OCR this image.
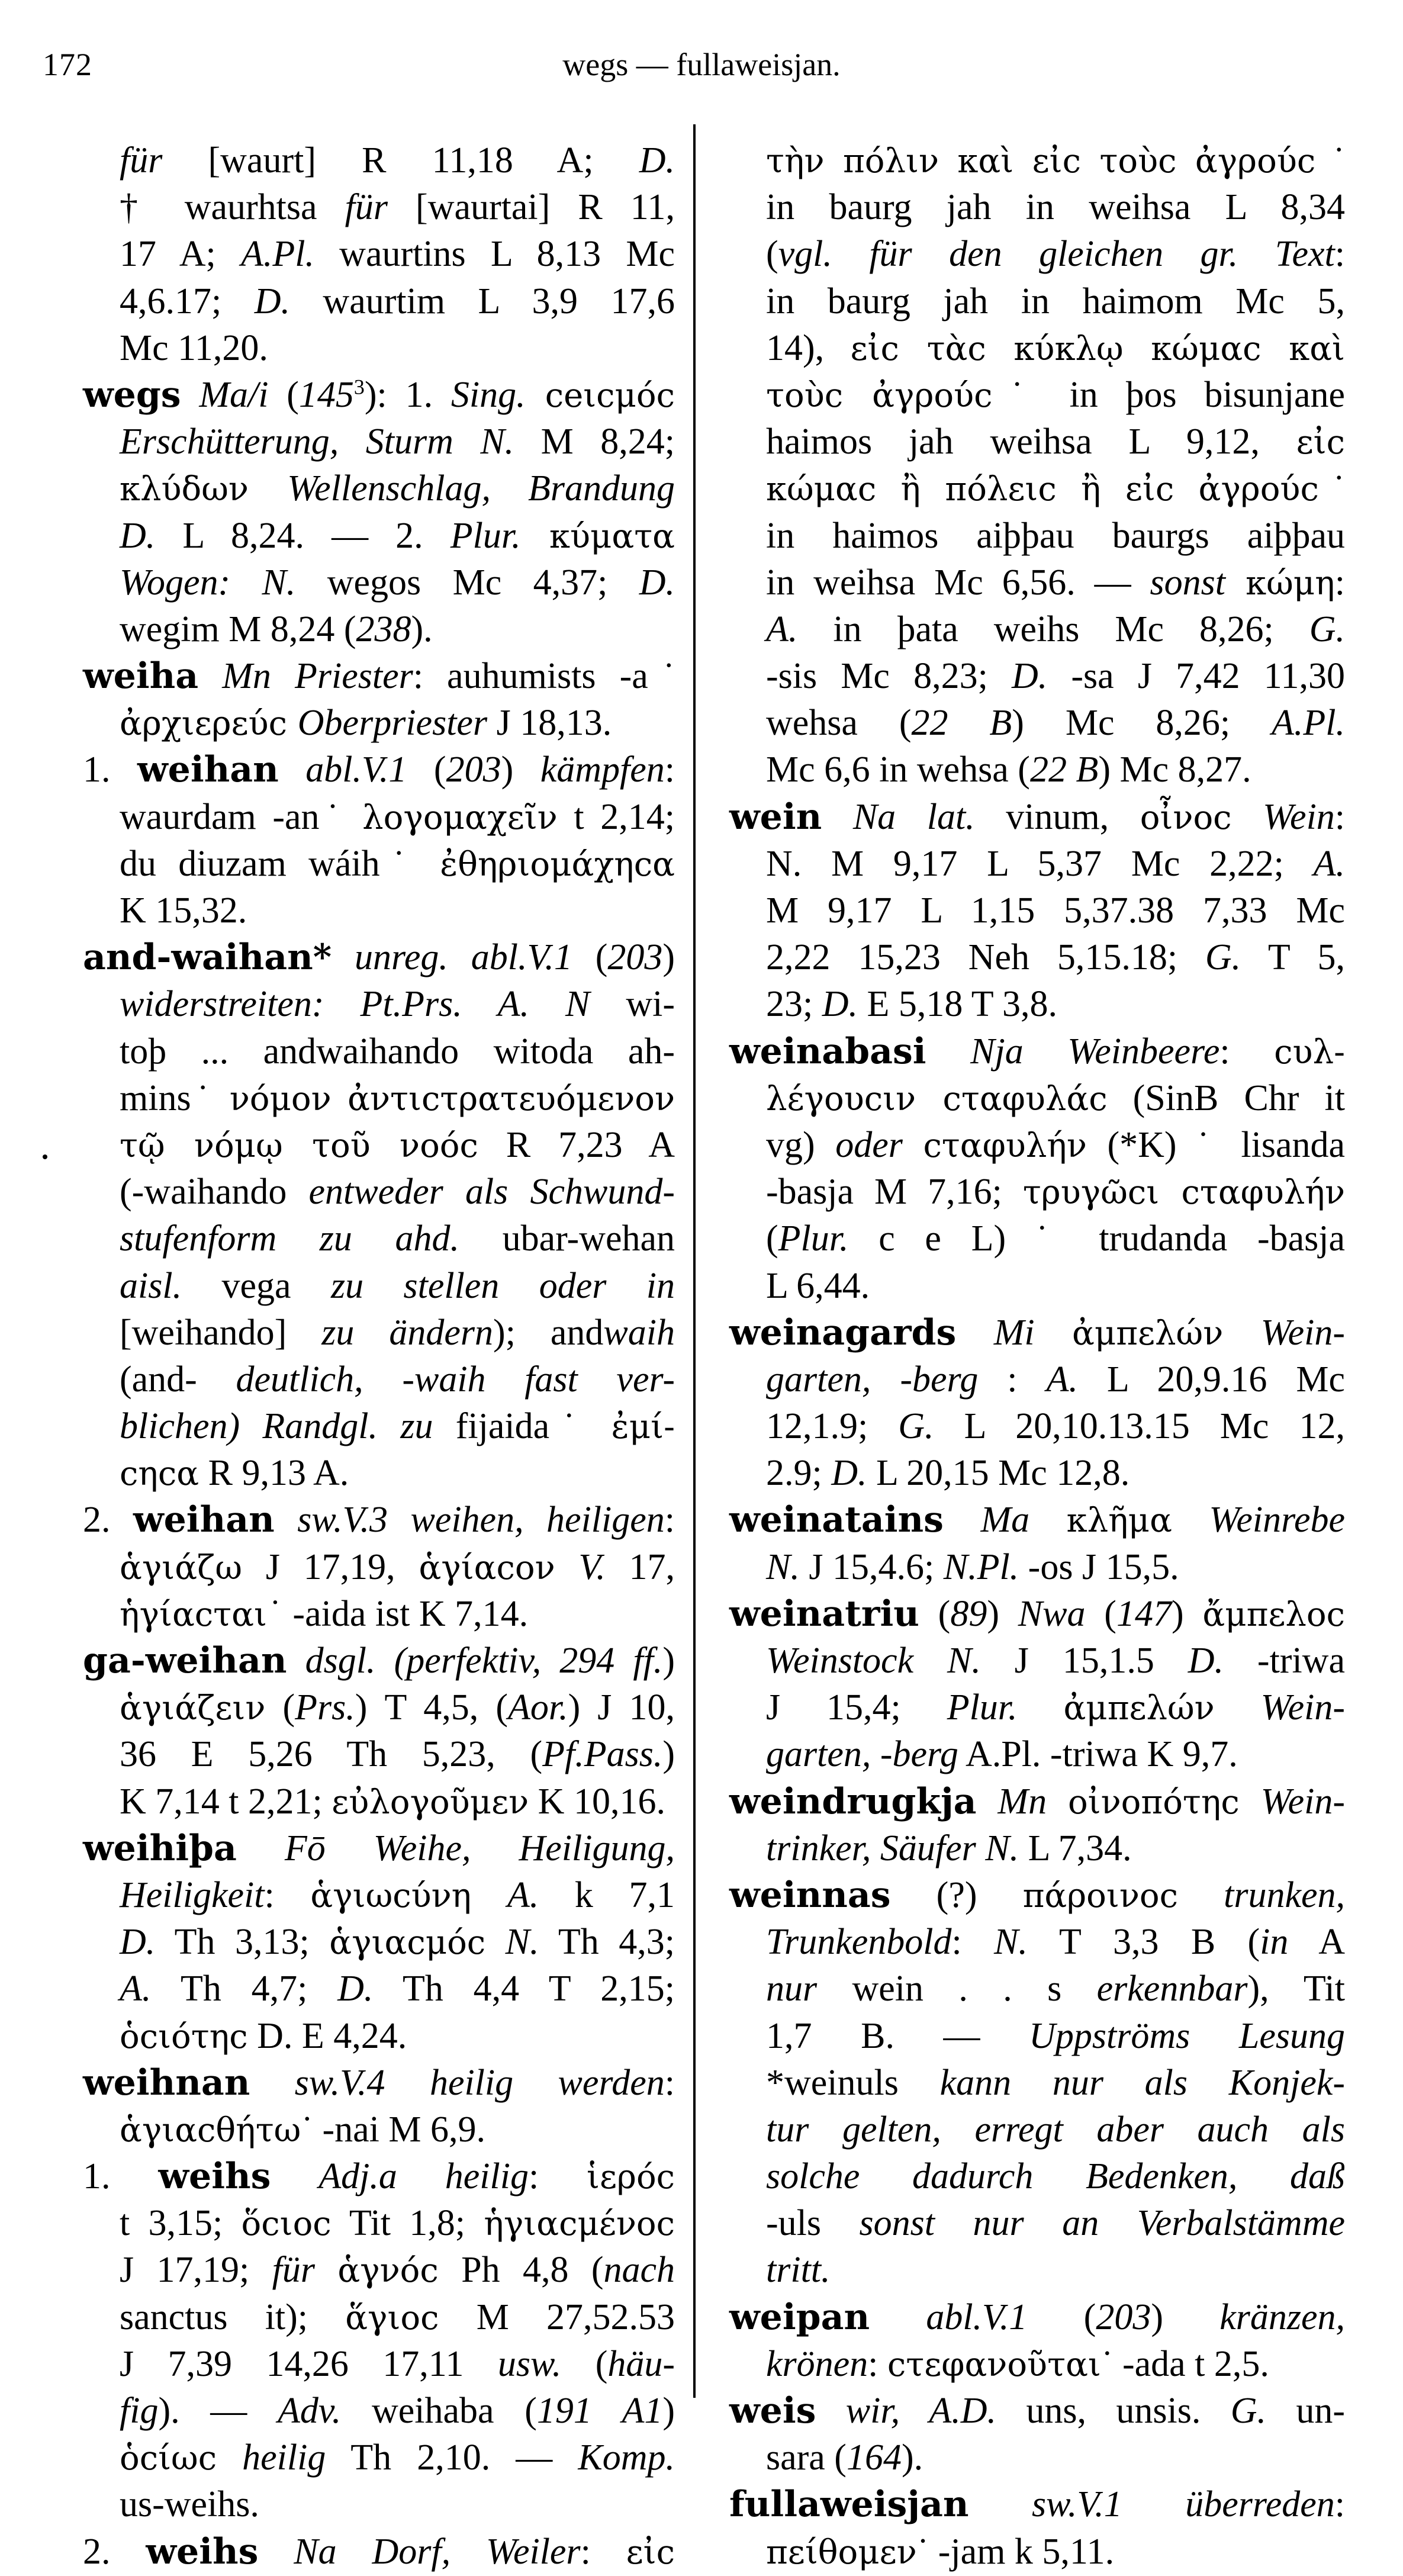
172	wegs — fullaweisjan.
für [waurt] R 11,18 A; D.
† waurhtsa für [waurtai] R 11,
17 A; A.Pl. waurtins L 8,13 Mc
4,6.17; D. waurtim L 3,9 17,6
Mc 11,20.
wegs Ma/i $(145^3)$: 1. Sing. ceιcμόc
Erschütterung, Sturm N. M 8,24;
κλύδων Wellenschlag, Brandung
D. L 8,24. — 2. Plur. κύματα
Wogen: N. wegos Mc 4,37; D.
wegim M 8,24 (238).
weiha Mn Priester: auhumists -a˙
ἀρχιερεύc Oberpriester J 18,13.
1. weihan abl.V.1 (203) kämpfen:
waurdam -an˙ λογομαχεῖν t 2,14;
du diuzam wáih˙ ἐθηριομάχηcα
K 15,32.
and-waihan* unreg. abl.V.1 (203)
widerstreiten: Pt.Prs. A. N wi-
toþ ... andwaihando witoda ah-
mins˙ νόμον ἀντιcτρατευόμενον
τῷ νόμῳ τοῦ νοόc R 7,23 A
(-waihando entweder als Schwund-
stufenform zu ahd. ubar-wehan
aisl. vega zu stellen oder in
[weihando] zu ändern); andwaih
(and- deutlich, -waih fast ver-
blichen) Randgl. zu fijaida˙ ἐμί-
cηcα R 9,13 A.
2. weihan sw.V.3 weihen, heiligen:
ἁγιάζω J 17,19, ἁγίαcον V. 17,
ἡγίαcται˙ -aida ist K 7,14.
ga-weihan dsgl. (perfektiv, 294 ff.)
ἁγιάζειν (Prs.) T 4,5, (Aor.) J 10,
36 E 5,26 Th 5,23, (Pf.Pass.)
K 7,14 t 2,21; εὐλογοῦμεν K 10,16.
weihiþa Fō Weihe, Heiligung,
Heiligkeit: ἁγιωcύνη A. k 7,1
D. Th 3,13; ἁγιαcμόc N. Th 4,3;
A. Th 4,7; D. Th 4,4 T 2,15;
ὁcιότηc D. E 4,24.
weihnan sw.V.4 heilig werden:
ἁγιαcθήτω˙ -nai M 6,9.
1. weihs Adj.a heilig: ἱερόc
t 3,15; ὅcιοc Tit 1,8; ἡγιαcμένοc
J 17,19; für ἁγνόc Ph 4,8 (nach
sanctus it); ἅγιοc M 27,52.53
J 7,39 14,26 17,11 usw. (häu-
fig). — Adv. weihaba (191 A1)
ὁcίωc heilig Th 2,10. — Komp.
us-weihs.
2. weihs Na Dorf, Weiler: εἰc
τὴν πόλιν καὶ εἰc τοὺc ἀγρούc ˙
in baurg jah in weihsa L 8,34
(vgl. für den gleichen gr. Text:
in baurg jah in haimom Mc 5,
14), εἰc τὰc κύκλῳ κώμαc καὶ
τοὺc ἀγρούc˙ in þos bisunjane
haimos jah weihsa L 9,12, εἰc
κώμαc ἢ πόλειc ἢ εἰc ἀγρούc˙
in haimos aiþþau baurgs aiþþau
in weihsa Mc 6,56. — sonst κώμη:
A. in þata weihs Mc 8,26; G.
-sis Mc 8,23; D. -sa J 7,42 11,30
wehsa (22 B) Mc 8,26; A.Pl.
Mc 6,6 in wehsa (22 B) Mc 8,27.
wein Na lat. vinum, οἶνοc Wein:
N. M 9,17 L 5,37 Mc 2,22; A.
M 9,17 L 1,15 5,37.38 7,33 Mc
2,22 15,23 Neh 5,15.18; G. T 5,
23; D. E 5,18 T 3,8.
weinabasi Nja Weinbeere: cυλ-
λέγουcιν cταφυλάc (SinB Chr it
vg) oder cταφυλήν (*K) ˙ lisanda
-basja M 7,16; τρυγῶcι cταφυλήν
(Plur. c e L) ˙ trudanda -basja
L 6,44.
weinagards Mi ἀμπελών Wein-
garten, -berg : A. L 20,9.16 Mc
12,1.9; G. L 20,10.13.15 Mc 12,
2.9; D. L 20,15 Mc 12,8.
weinatains Ma κλῆμα Weinrebe
N. J 15,4.6; N.Pl. -os J 15,5.
weinatriu (89) Nwa (147) ἄμπελοc
Weinstock N. J 15,1.5 D. -triwa
J 15,4; Plur. ἀμπελών Wein-
garten, -berg A.Pl. -triwa K 9,7.
weindrugkja Mn οἰνοπότηc Wein-
trinker, Säufer N. L 7,34.
weinnas (?) πάροινοc trunken,
Trunkenbold: N. T 3,3 B (in A
nur wein . . s erkennbar), Tit
1,7 B. — Uppströms Lesung
*weinuls kann nur als Konjek-
tur gelten, erregt aber auch als
solche dadurch Bedenken, daß
-uls sonst nur an Verbalstämme
tritt.
weipan abl.V.1 (203) kränzen,
krönen: cτεφανοῦται˙ -ada t 2,5.
weis wir, A.D. uns, unsis. G. un-
sara (164).
fullaweisjan sw.V.1 überreden:
πείθομεν˙ -jam k 5,11.
